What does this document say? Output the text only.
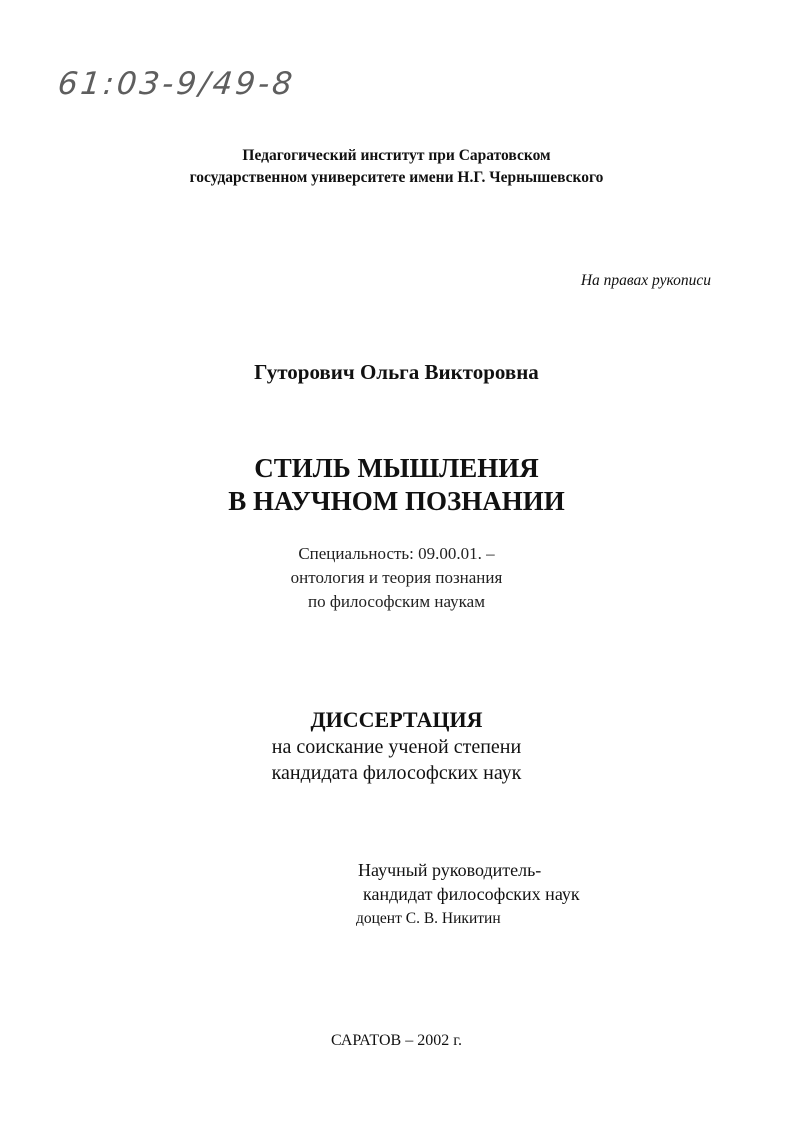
61:03-9/49-8
Педагогический институт при Саратовском
государственном университете имени Н.Г. Чернышевского
На правах рукописи
Гуторович Ольга Викторовна
СТИЛЬ МЫШЛЕНИЯ
В НАУЧНОМ ПОЗНАНИИ
Специальность: 09.00.01. –
онтология и теория познания
по философским наукам
ДИССЕРТАЦИЯ
на соискание ученой степени
кандидата философских наук
Научный руководитель-
кандидат философских наук
доцент С. В. Никитин
САРАТОВ – 2002 г.
